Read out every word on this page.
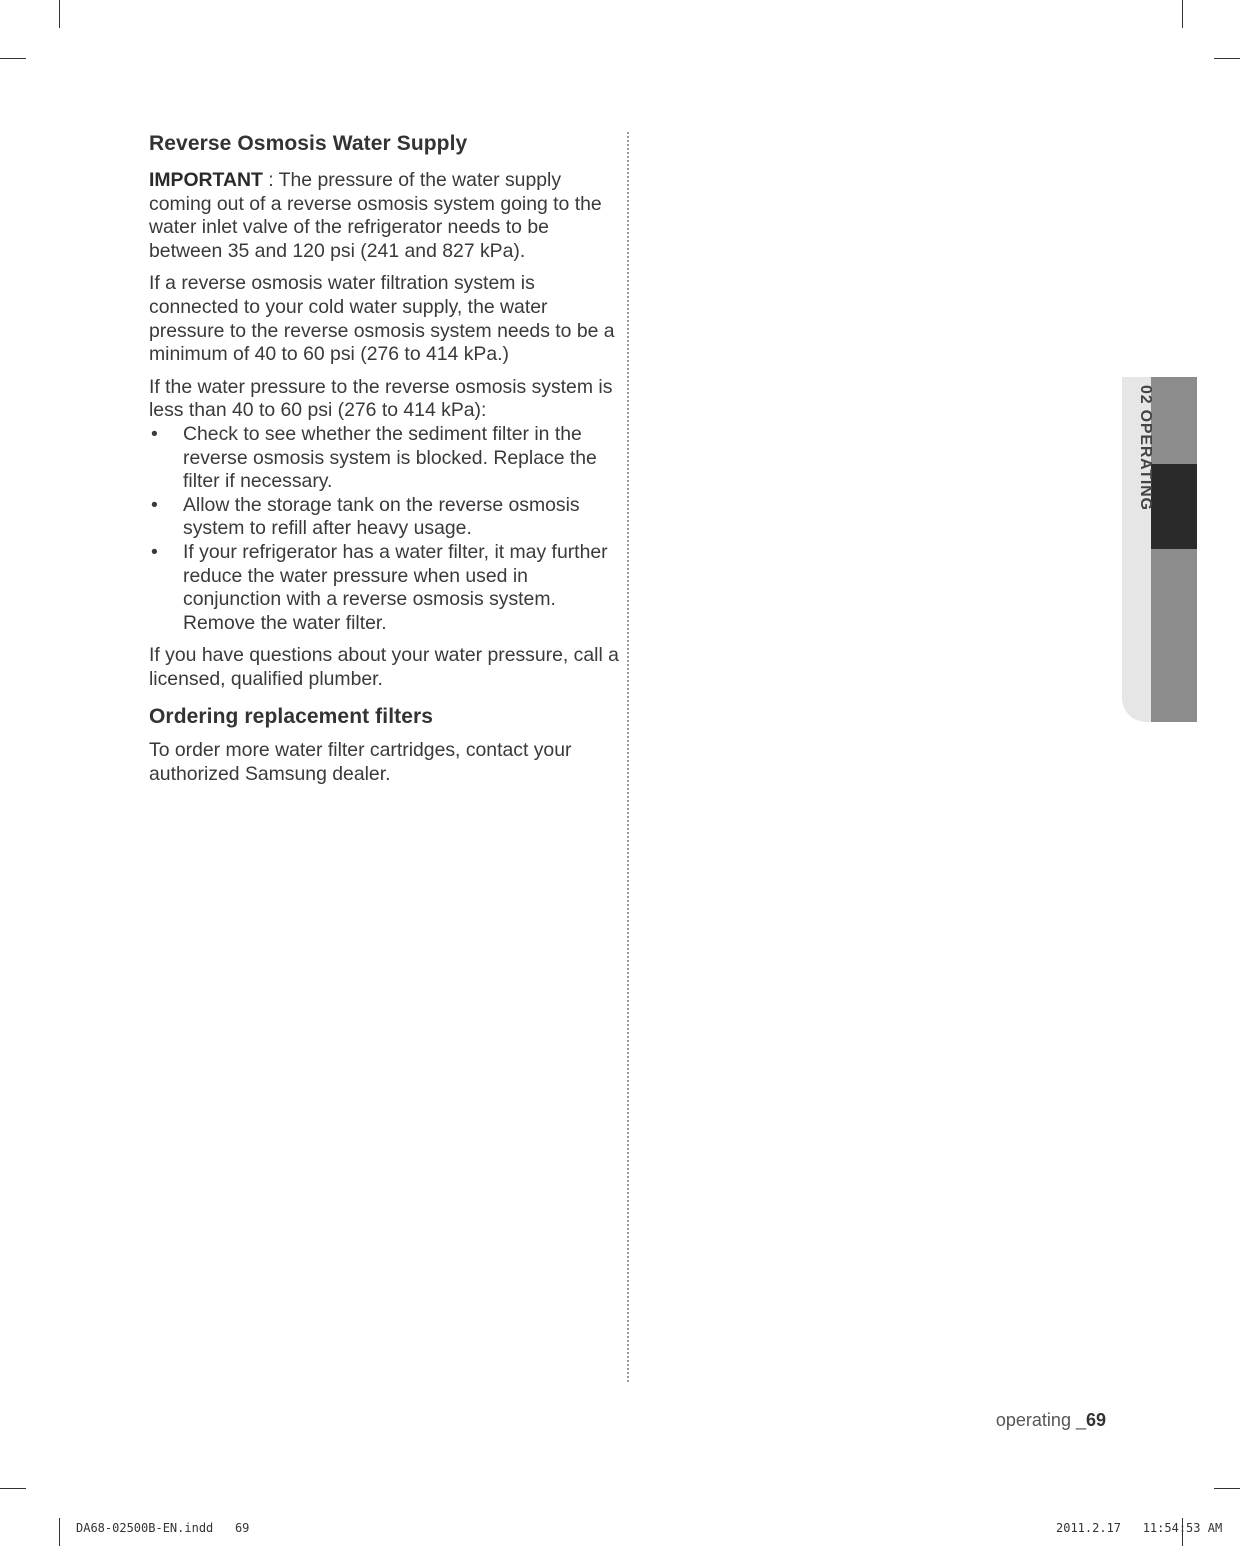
Reverse Osmosis Water Supply

IMPORTANT : The pressure of the water supply coming out of a reverse osmosis system going to the water inlet valve of the refrigerator needs to be between 35 and 120 psi (241 and 827 kPa).

If a reverse osmosis water filtration system is connected to your cold water supply, the water pressure to the reverse osmosis system needs to be a minimum of 40 to 60 psi (276 to 414 kPa.)

If the water pressure to the reverse osmosis system is less than 40 to 60 psi (276 to 414 kPa):

• Check to see whether the sediment filter in the reverse osmosis system is blocked. Replace the filter if necessary.
• Allow the storage tank on the reverse osmosis system to refill after heavy usage.
• If your refrigerator has a water filter, it may further reduce the water pressure when used in conjunction with a reverse osmosis system. Remove the water filter.

If you have questions about your water pressure, call a licensed, qualified plumber.

Ordering replacement filters

To order more water filter cartridges, contact your authorized Samsung dealer.

02 OPERATING
operating _69
DA68-02500B-EN.indd   69	2011.2.17   11:54:53 AM
